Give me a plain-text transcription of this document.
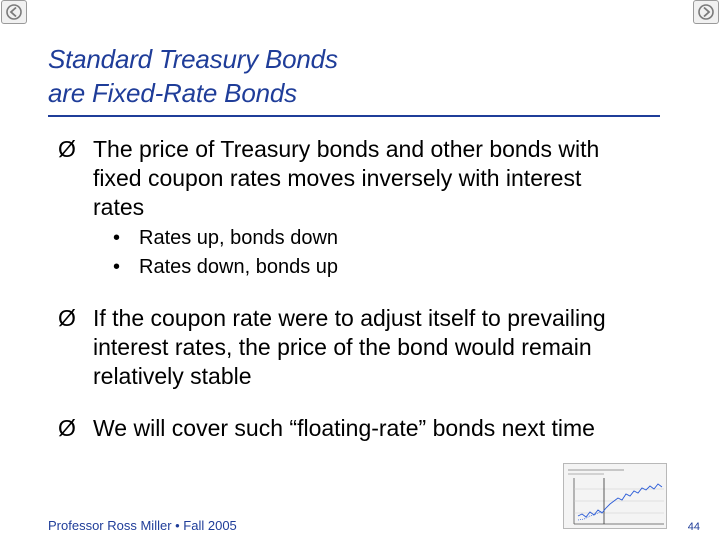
Standard Treasury Bonds
are Fixed-Rate Bonds
Ø The price of Treasury bonds and other bonds with fixed coupon rates moves inversely with interest rates
• Rates up, bonds down
• Rates down, bonds up
Ø If the coupon rate were to adjust itself to prevailing interest rates, the price of the bond would remain relatively stable
Ø We will cover such “floating-rate” bonds next time
Professor Ross Miller • Fall 2005	44
